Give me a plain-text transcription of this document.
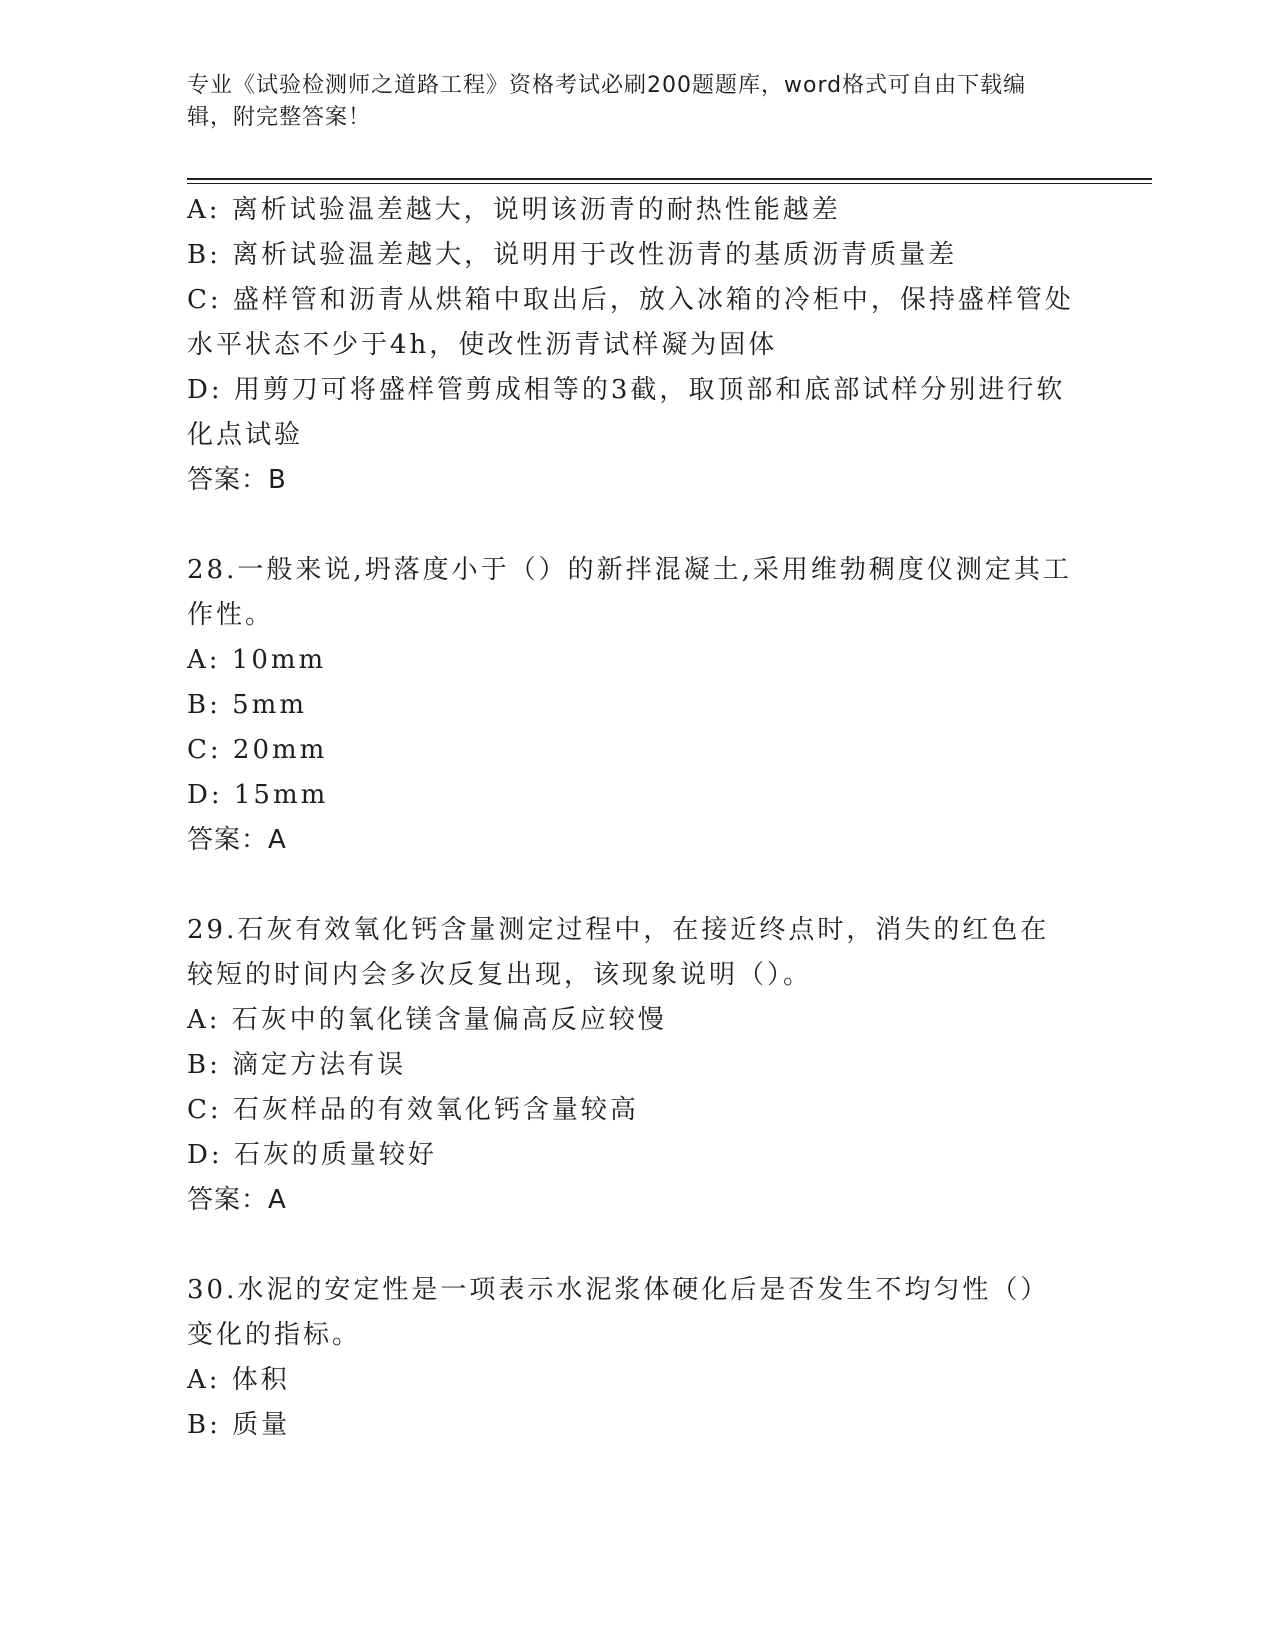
专业《试验检测师之道路工程》资格考试必刷200题题库，word格式可自由下载编辑，附完整答案！
A: 离析试验温差越大，说明该沥青的耐热性能越差
B: 离析试验温差越大，说明用于改性沥青的基质沥青质量差
C: 盛样管和沥青从烘箱中取出后，放入冰箱的冷柜中，保持盛样管处水平状态不少于4h，使改性沥青试样凝为固体
D: 用剪刀可将盛样管剪成相等的3截，取顶部和底部试样分别进行软化点试验
答案：B
28.一般来说,坍落度小于（）的新拌混凝土,采用维勃稠度仪测定其工作性。
A: 10mm
B: 5mm
C: 20mm
D: 15mm
答案：A
29.石灰有效氧化钙含量测定过程中，在接近终点时，消失的红色在较短的时间内会多次反复出现，该现象说明（）。
A: 石灰中的氧化镁含量偏高反应较慢
B: 滴定方法有误
C: 石灰样品的有效氧化钙含量较高
D: 石灰的质量较好
答案：A
30.水泥的安定性是一项表示水泥浆体硬化后是否发生不均匀性（）变化的指标。
A: 体积
B: 质量
